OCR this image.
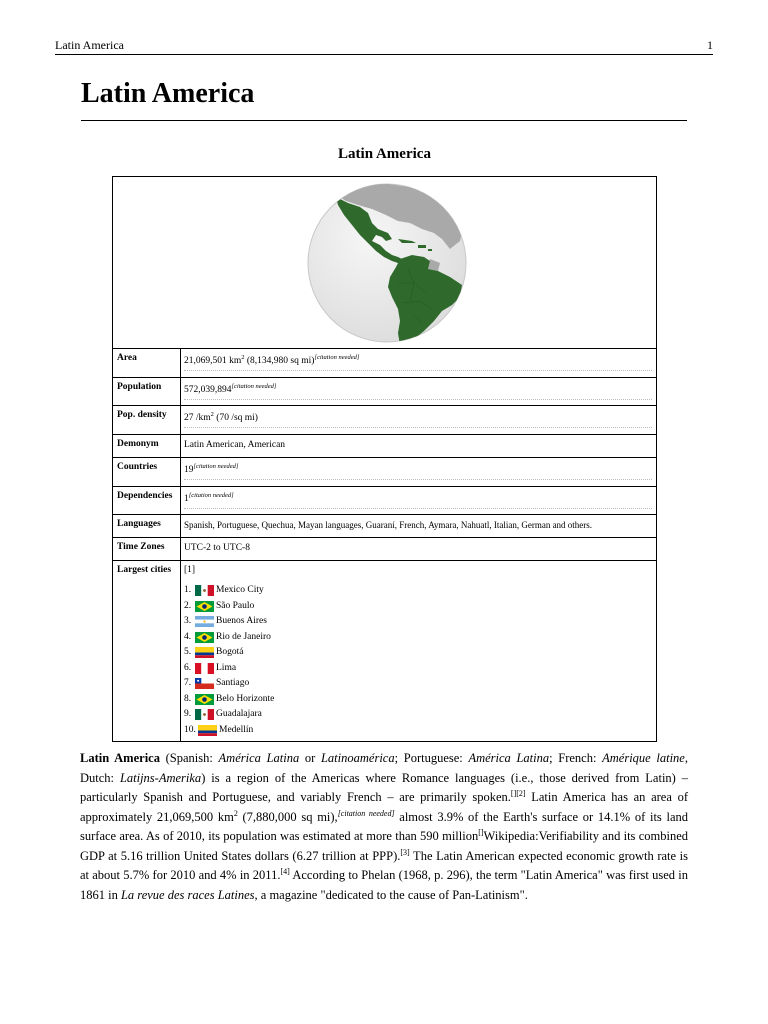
Latin America	1
Latin America
Latin America
Area	21,069,501 $km^2$ (8,134,980 sq mi)[citation needed]
Population	572,039,894[citation needed]
Pop. density	27 $/km^2$ (70 /sq mi)
Demonym	Latin American, American
Countries	19[citation needed]
Dependencies	1[citation needed]
Languages	Spanish, Portuguese, Quechua, Mayan languages, Guaraní, French, Aymara, Nahuatl, Italian, German and others.
Time Zones	UTC-2 to UTC-8
Largest cities	[1]
1.	Mexico City
2.	São Paulo
3.	Buenos Aires
4.	Rio de Janeiro
5.	Bogotá
6.	Lima
7.	Santiago
8.	Belo Horizonte
9.	Guadalajara
10. Medellín

Latin America (Spanish: América Latina or Latinoamérica; Portuguese: América Latina; French: Amérique latine, Dutch: Latijns-Amerika) is a region of the Americas where Romance languages (i.e., those derived from Latin) – particularly Spanish and Portuguese, and variably French – are primarily spoken.[][2] Latin America has an area of approximately 21,069,500 $km^2$ (7,880,000 sq mi),[citation needed] almost 3.9% of the Earth's surface or 14.1% of its land surface area. As of 2010, its population was estimated at more than 590 million[]Wikipedia:Verifiability and its combined GDP at 5.16 trillion United States dollars (6.27 trillion at PPP).[3] The Latin American expected economic growth rate is at about 5.7% for 2010 and 4% in 2011.[4] According to Phelan (1968, p. 296), the term "Latin America" was first used in 1861 in La revue des races Latines, a magazine "dedicated to the cause of Pan-Latinism".
